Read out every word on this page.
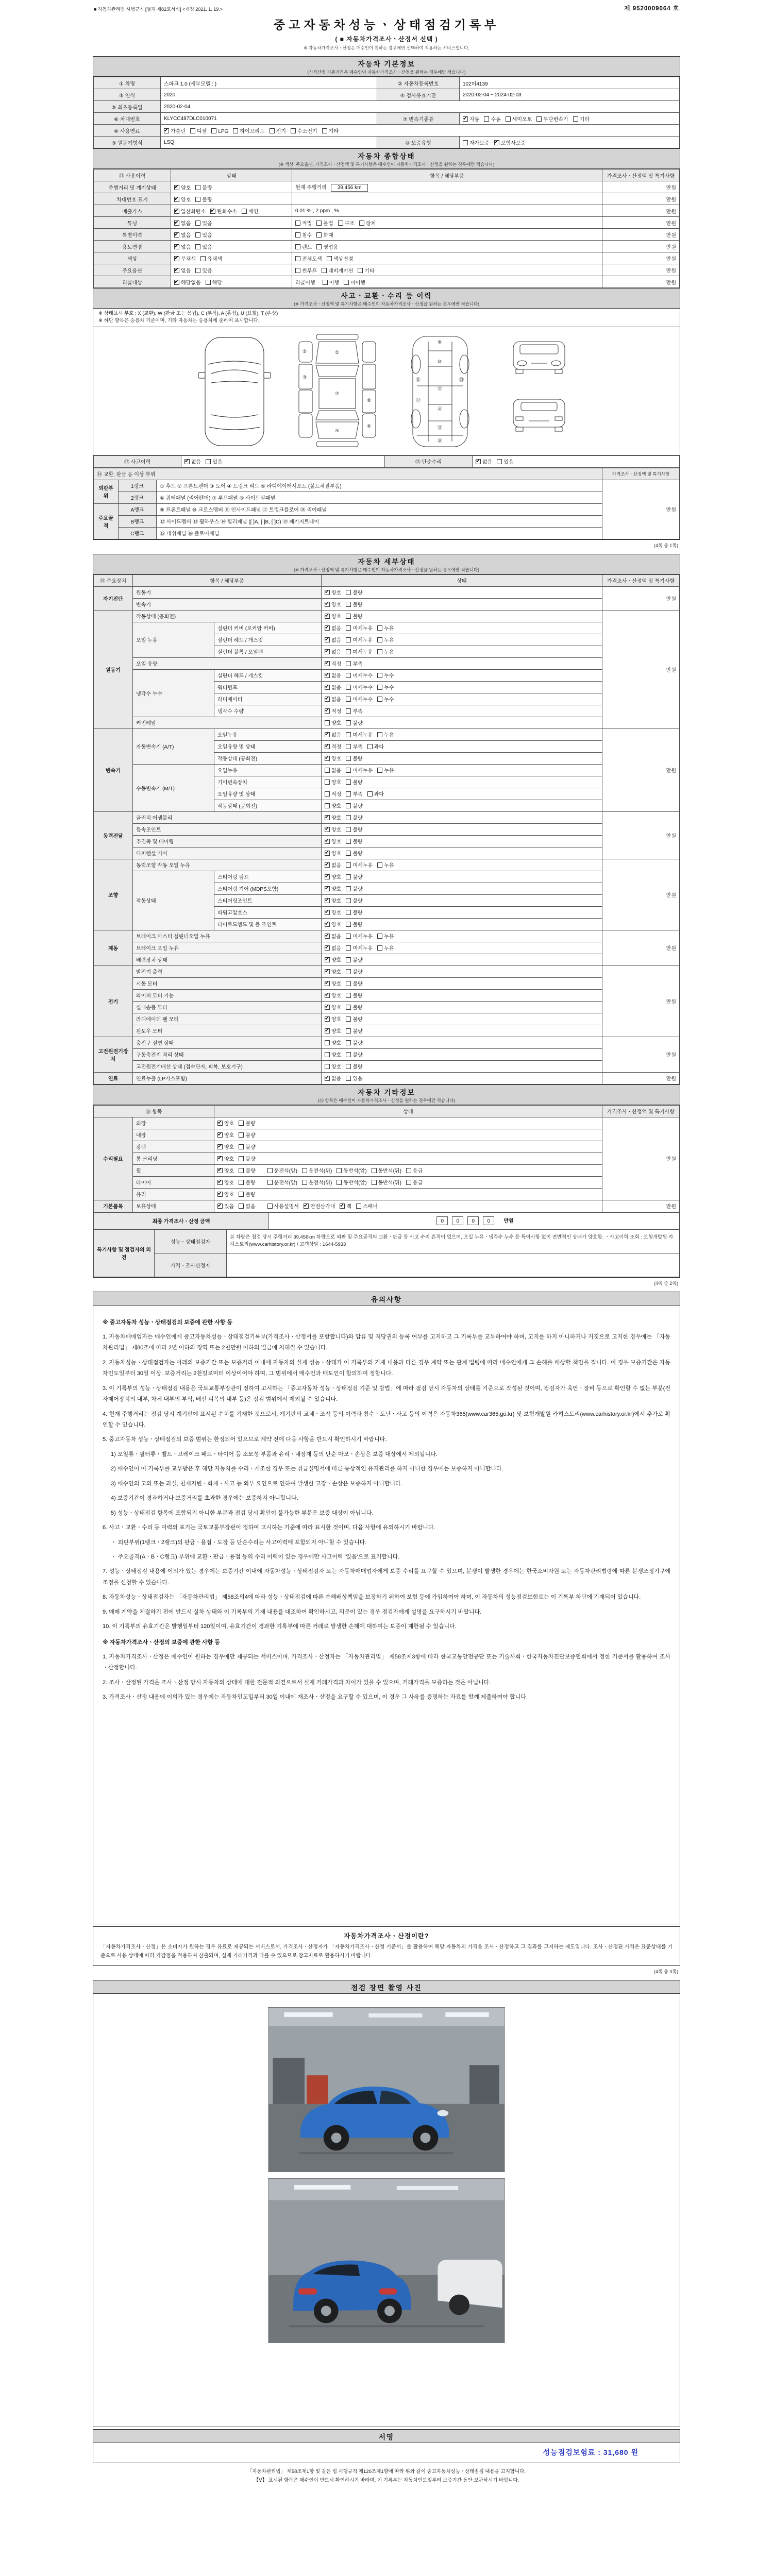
■ 자동차관리법 시행규칙 [별지 제82호서식] <개정 2021. 1. 19.>	제 9520009064 호
중고자동차성능ㆍ상태점검기록부
( ■ 자동차가격조사ㆍ산정서 선택 )
※ 자동차가격조사ㆍ산정은 매수인이 원하는 경우에만 선택하여 적용하는 서비스입니다.
자동차 기본정보
(가격산정 기준가격은 매수인이 자동차가격조사ㆍ산정을 원하는 경우에만 적습니다)
① 차명	스파크 1.0 (세부모델 : )	② 자동차등록번호	102머4139
③ 연식	2020	④ 검사유효기간	2020-02-04 ~ 2024-02-03
⑤ 최초등록일	2020-02-04		
⑥ 차대번호	KLYCC487DLC010071	⑦ 변속기종류	✔자동 수동 세미오토 무단변속기 기타
⑧ 사용연료	✔가솔린 디젤 LPG 하이브리드 전기 수소전기 기타
⑨ 원동기형식	LSQ	⑩ 보증유형	자가보증 ✔ 보험사보증
자동차 종합상태
(※ 색상, 주요옵션, 가격조사ㆍ산정액 및 특기사항은 매수인이 자동차가격조사ㆍ산정을 원하는 경우에만 적습니다)
⑪ 사용이력	상태	항목 / 해당부품	가격조사ㆍ산정액 및 특기사항
주행거리 및 계기상태	✔양호 불량	현재 주행거리 39,456 km	만원
차대번호 표기	✔양호 불량		만원
배출가스	✔일산화탄소 ✔ 탄화수소 매연	0.01 % , 2 ppm , %	만원
튜닝	✔없음 있음	적법 불법 구조 장치	만원
특별이력	✔없음 있음	침수 화재	만원
용도변경	✔없음 있음	렌트 영업용	만원
색상	✔무채색 유채색	전체도색 색상변경	만원
주요옵션	✔없음 있음	썬루프 네비게이션 기타	만원
리콜대상	✔해당없음 해당	리콜이행 이행 미이행	만원
사고ㆍ교환ㆍ수리 등 이력
(※ 가격조사ㆍ산정액 및 특기사항은 매수인이 자동차가격조사ㆍ산정을 원하는 경우에만 적습니다)
※ 상태표시 부호 : X (교환), W (판금 또는 용접), C (부식), A (흠집), U (요철), T (손상)
※ 하단 항목은 승용차 기준이며, 기타 자동차는 승용차에 준하여 표시합니다.
①
②
③
④
⑥
⑦
⑧
⑨
⑩
⑪
⑫
⑬
⑮
⑯
⑰
⑱
⑫ 사고이력	✔없음 있음	⑬ 단순수리	✔없음 있음
⑭ 교환, 판금 등 이상 부위			가격조사ㆍ산정액 및 특기사항
외판부위	1랭크	① 후드 ② 프론트펜더 ③ 도어 ④ 트렁크 리드 ⑤ 라디에이터서포트 (볼트체결부품)	만원
	2랭크	⑥ 쿼터패널 (리어펜더) ⑦ 루프패널 ⑧ 사이드실패널	
주요골격	A랭크	⑨ 프론트패널 ⑩ 크로스멤버 ⑪ 인사이드패널 ⑰ 트렁크플로어 ⑱ 리어패널	
	B랭크	⑫ 사이드멤버 ⑬ 휠하우스 ⑭ 필러패널 ([ ]A, [ ]B, [ ]C) ⑲ 패키지트레이	
	C랭크	⑮ 대쉬패널 ⑯ 플로어패널	
(4쪽 중 1쪽)
자동차 세부상태
(※ 가격조사ㆍ산정액 및 특기사항은 매수인이 자동차가격조사ㆍ산정을 원하는 경우에만 적습니다)
⑮ 주요장치	항목 / 해당부품		상태	가격조사ㆍ산정액 및 특기사항
자기진단	원동기	✔양호 불량	만원
	변속기	✔양호 불량
원동기	작동상태 (공회전)	✔양호 불량	만원
	오일 누유	실린더 커버 (로커암 커버)	✔없음 미세누유 누유
		실린더 헤드 / 개스킷	✔없음 미세누유 누유
		실린더 블록 / 오일팬	✔없음 미세누유 누유
	오일 유량	✔적정 부족
	냉각수 누수	실린더 헤드 / 개스킷	✔없음 미세누수 누수
		워터펌프	✔없음 미세누수 누수
		라디에이터	✔없음 미세누수 누수
		냉각수 수량	✔적정 부족
	커먼레일		양호 불량	
변속기	자동변속기 (A/T)	오일누유	✔없음 미세누유 누유	만원
		오일유량 및 상태	✔적정 부족 과다
		작동상태 (공회전)	✔양호 불량
	수동변속기 (M/T)	오일누유	없음 미세누유 누유	
		기어변속장치	양호 불량	
		오일유량 및 상태	적정 부족 과다	
		작동상태 (공회전)	양호 불량	
동력전달	클러치 어셈블리	✔양호 불량	만원
	등속조인트	✔양호 불량
	추진축 및 베어링	✔양호 불량
	디퍼렌셜 기어	✔양호 불량
조향	동력조향 작동 오일 누유	✔없음 미세누유 누유	만원
	작동상태	스티어링 펌프	✔양호 불량
		스티어링 기어 (MDPS포함)	✔양호 불량
		스티어링조인트	✔양호 불량
		파워고압호스	✔양호 불량
		타이로드엔드 및 볼 조인트	✔양호 불량
제동	브레이크 마스터 실린더오일 누유	✔없음 미세누유 누유	만원
	브레이크 오일 누유	✔없음 미세누유 누유
	배력장치 상태	✔양호 불량
전기	발전기 출력	✔양호 불량	만원
	시동 모터	✔양호 불량
	와이퍼 모터 기능	✔양호 불량
	실내송풍 모터	✔양호 불량
	라디에이터 팬 모터	✔양호 불량
	윈도우 모터	✔양호 불량
고전원전기장치	충전구 절연 상태		양호 불량	만원
	구동축전지 격리 상태		양호 불량	
	고전원전기배선 상태 (접속단자, 피복, 보호기구)		양호 불량	
연료	연료누출 (LP가스포함)	✔없음 있음	만원
자동차 기타정보
(⑯ 항목은 매수인이 자동차가격조사ㆍ산정을 원하는 경우에만 적습니다)
⑯ 항목		상태	가격조사ㆍ산정액 및 특기사항
수리필요	외장	✔양호 불량	만원
	내장	✔양호 불량
	광택	✔양호 불량
	룸 크리닝	✔양호 불량
	휠	✔양호 불량 운전석(앞) 운전석(뒤) 동반석(앞) 동반석(뒤) 응급
	타이어	✔양호 불량 운전석(앞) 운전석(뒤) 동반석(앞) 동반석(뒤) 응급
	유리	✔양호 불량
기본품목	보유상태	✔있음 없음 사용설명서 ✔ 안전삼각대 ✔ 잭 스패너	만원
최종 가격조사ㆍ산정 금액	0 0 0 0	만원
특기사항 및 점검자의 의견	성능ㆍ상태점검자	본 차량은 점검 당시 주행거리 39,456km 차량으로 외판 및 주요골격의 교환ㆍ판금 등 사고 수리 흔적이 없으며, 오일 누유ㆍ냉각수 누수 등 특이사항 없이 전반적인 상태가 양호함. ㆍ사고이력 조회 : 보험개발원 카히스토리(www.carhistory.or.kr) / 고객상담 : 1644-5933
	가격ㆍ조사산정자	
(4쪽 중 2쪽)
유의사항
※ 중고자동차 성능ㆍ상태점검의 보증에 관한 사항 등
1. 자동차매매업자는 매수인에게 중고자동차성능ㆍ상태점검기록부(가격조사ㆍ산정서를 포함합니다)와 압류 및 저당권의 등록 여부를 고지하고 그 기록부를 교부하여야 하며, 고지를 하지 아니하거나 거짓으로 고지한 경우에는 「자동차관리법」 제80조에 따라 2년 이하의 징역 또는 2천만원 이하의 벌금에 처해질 수 있습니다.
2. 자동차성능ㆍ상태점검자는 아래의 보증기간 또는 보증거리 이내에 자동차의 실제 성능ㆍ상태가 이 기록부의 기재 내용과 다른 경우 계약 또는 관계 법령에 따라 매수인에게 그 손해를 배상할 책임을 집니다. 이 경우 보증기간은 자동차인도일부터 30일 이상, 보증거리는 2천킬로미터 이상이어야 하며, 그 범위에서 매수인과 매도인이 합의하여 정합니다.
3. 이 기록부의 성능ㆍ상태점검 내용은 국토교통부장관이 정하여 고시하는 「중고자동차 성능ㆍ상태점검 기준 및 방법」에 따라 점검 당시 자동차의 상태를 기준으로 작성된 것이며, 점검자가 육안ㆍ장비 등으로 확인할 수 없는 부분(전자제어장치의 내부, 차체 내부의 부식, 배선 피복의 내부 등)은 점검 범위에서 제외될 수 있습니다.
4. 현재 주행거리는 점검 당시 계기판에 표시된 수치를 기재한 것으로서, 계기판의 교체ㆍ조작 등의 이력과 침수ㆍ도난ㆍ사고 등의 이력은 자동차365(www.car365.go.kr) 및 보험개발원 카히스토리(www.carhistory.or.kr)에서 추가로 확인할 수 있습니다.
5. 중고자동차 성능ㆍ상태점검의 보증 범위는 한정되어 있으므로 계약 전에 다음 사항을 반드시 확인하시기 바랍니다.
1) 오일류ㆍ필터류ㆍ벨트ㆍ브레이크 패드ㆍ타이어 등 소모성 부품과 유리ㆍ내장재 등의 단순 마모ㆍ손상은 보증 대상에서 제외됩니다.
2) 매수인이 이 기록부를 교부받은 후 해당 자동차를 수리ㆍ개조한 경우 또는 취급설명서에 따른 통상적인 유지관리를 하지 아니한 경우에는 보증하지 아니합니다.
3) 매수인의 고의 또는 과실, 천재지변ㆍ화재ㆍ사고 등 외부 요인으로 인하여 발생한 고장ㆍ손상은 보증하지 아니합니다.
4) 보증기간이 경과하거나 보증거리를 초과한 경우에는 보증하지 아니합니다.
5) 성능ㆍ상태점검 항목에 포함되지 아니한 부분과 점검 당시 확인이 불가능한 부분은 보증 대상이 아닙니다.
6. 사고ㆍ교환ㆍ수리 등 이력의 표기는 국토교통부장관이 정하여 고시하는 기준에 따라 표시한 것이며, 다음 사항에 유의하시기 바랍니다.
ㆍ 외판부위(1랭크ㆍ2랭크)의 판금ㆍ용접ㆍ도장 등 단순수리는 사고이력에 포함되지 아니할 수 있습니다.
ㆍ 주요골격(AㆍBㆍC랭크) 부위에 교환ㆍ판금ㆍ용접 등의 수리 이력이 있는 경우에만 사고이력 ‘있음’으로 표기합니다.
7. 성능ㆍ상태점검 내용에 이의가 있는 경우에는 보증기간 이내에 자동차성능ㆍ상태점검자 또는 자동차매매업자에게 보증 수리를 요구할 수 있으며, 분쟁이 발생한 경우에는 한국소비자원 또는 자동차관리법령에 따른 분쟁조정기구에 조정을 신청할 수 있습니다.
8. 자동차성능ㆍ상태점검자는 「자동차관리법」 제58조의4에 따라 성능ㆍ상태점검에 따른 손해배상책임을 보장하기 위하여 보험 등에 가입하여야 하며, 이 자동차의 성능점검보험료는 이 기록부 하단에 기재되어 있습니다.
9. 매매 계약을 체결하기 전에 반드시 실차 상태와 이 기록부의 기재 내용을 대조하여 확인하시고, 의문이 있는 경우 점검자에게 설명을 요구하시기 바랍니다.
10. 이 기록부의 유효기간은 발행일부터 120일이며, 유효기간이 경과한 기록부에 따른 거래로 발생한 손해에 대하여는 보증이 제한될 수 있습니다.
※ 자동차가격조사ㆍ산정의 보증에 관한 사항 등
1. 자동차가격조사ㆍ산정은 매수인이 원하는 경우에만 제공되는 서비스이며, 가격조사ㆍ산정자는 「자동차관리법」 제58조제3항에 따라 한국교통안전공단 또는 기술사회ㆍ한국자동차진단보증협회에서 정한 기준서를 활용하여 조사ㆍ산정합니다.
2. 조사ㆍ산정된 가격은 조사ㆍ산정 당시 자동차의 상태에 대한 전문적 의견으로서 실제 거래가격과 차이가 있을 수 있으며, 거래가격을 보증하는 것은 아닙니다.
3. 가격조사ㆍ산정 내용에 이의가 있는 경우에는 자동차인도일부터 30일 이내에 재조사ㆍ산정을 요구할 수 있으며, 이 경우 그 사유를 증명하는 자료를 함께 제출하여야 합니다.
자동차가격조사ㆍ산정이란?
「자동차가격조사ㆍ산정」은 소비자가 원하는 경우 유료로 제공되는 서비스로서, 가격조사ㆍ산정자가 「자동차가격조사ㆍ산정 기준서」를 활용하여 해당 자동차의 가격을 조사ㆍ산정하고 그 결과를 고지하는 제도입니다. 조사ㆍ산정된 가격은 표준상태를 기준으로 사용 상태에 따라 가감점을 적용하여 산출되며, 실제 거래가격과 다를 수 있으므로 참고자료로 활용하시기 바랍니다.
(4쪽 중 3쪽)
점검 장면 촬영 사진
서명
성능점검보험료 : 31,680 원
「자동차관리법」 제58조제1항 및 같은 법 시행규칙 제120조제1항에 따라 위와 같이 중고자동차성능ㆍ상태점검 내용을 고지합니다.
【Ⅴ】 표시된 항목은 매수인이 반드시 확인하시기 바라며, 이 기록부는 자동차인도일부터 보증기간 동안 보관하시기 바랍니다.
